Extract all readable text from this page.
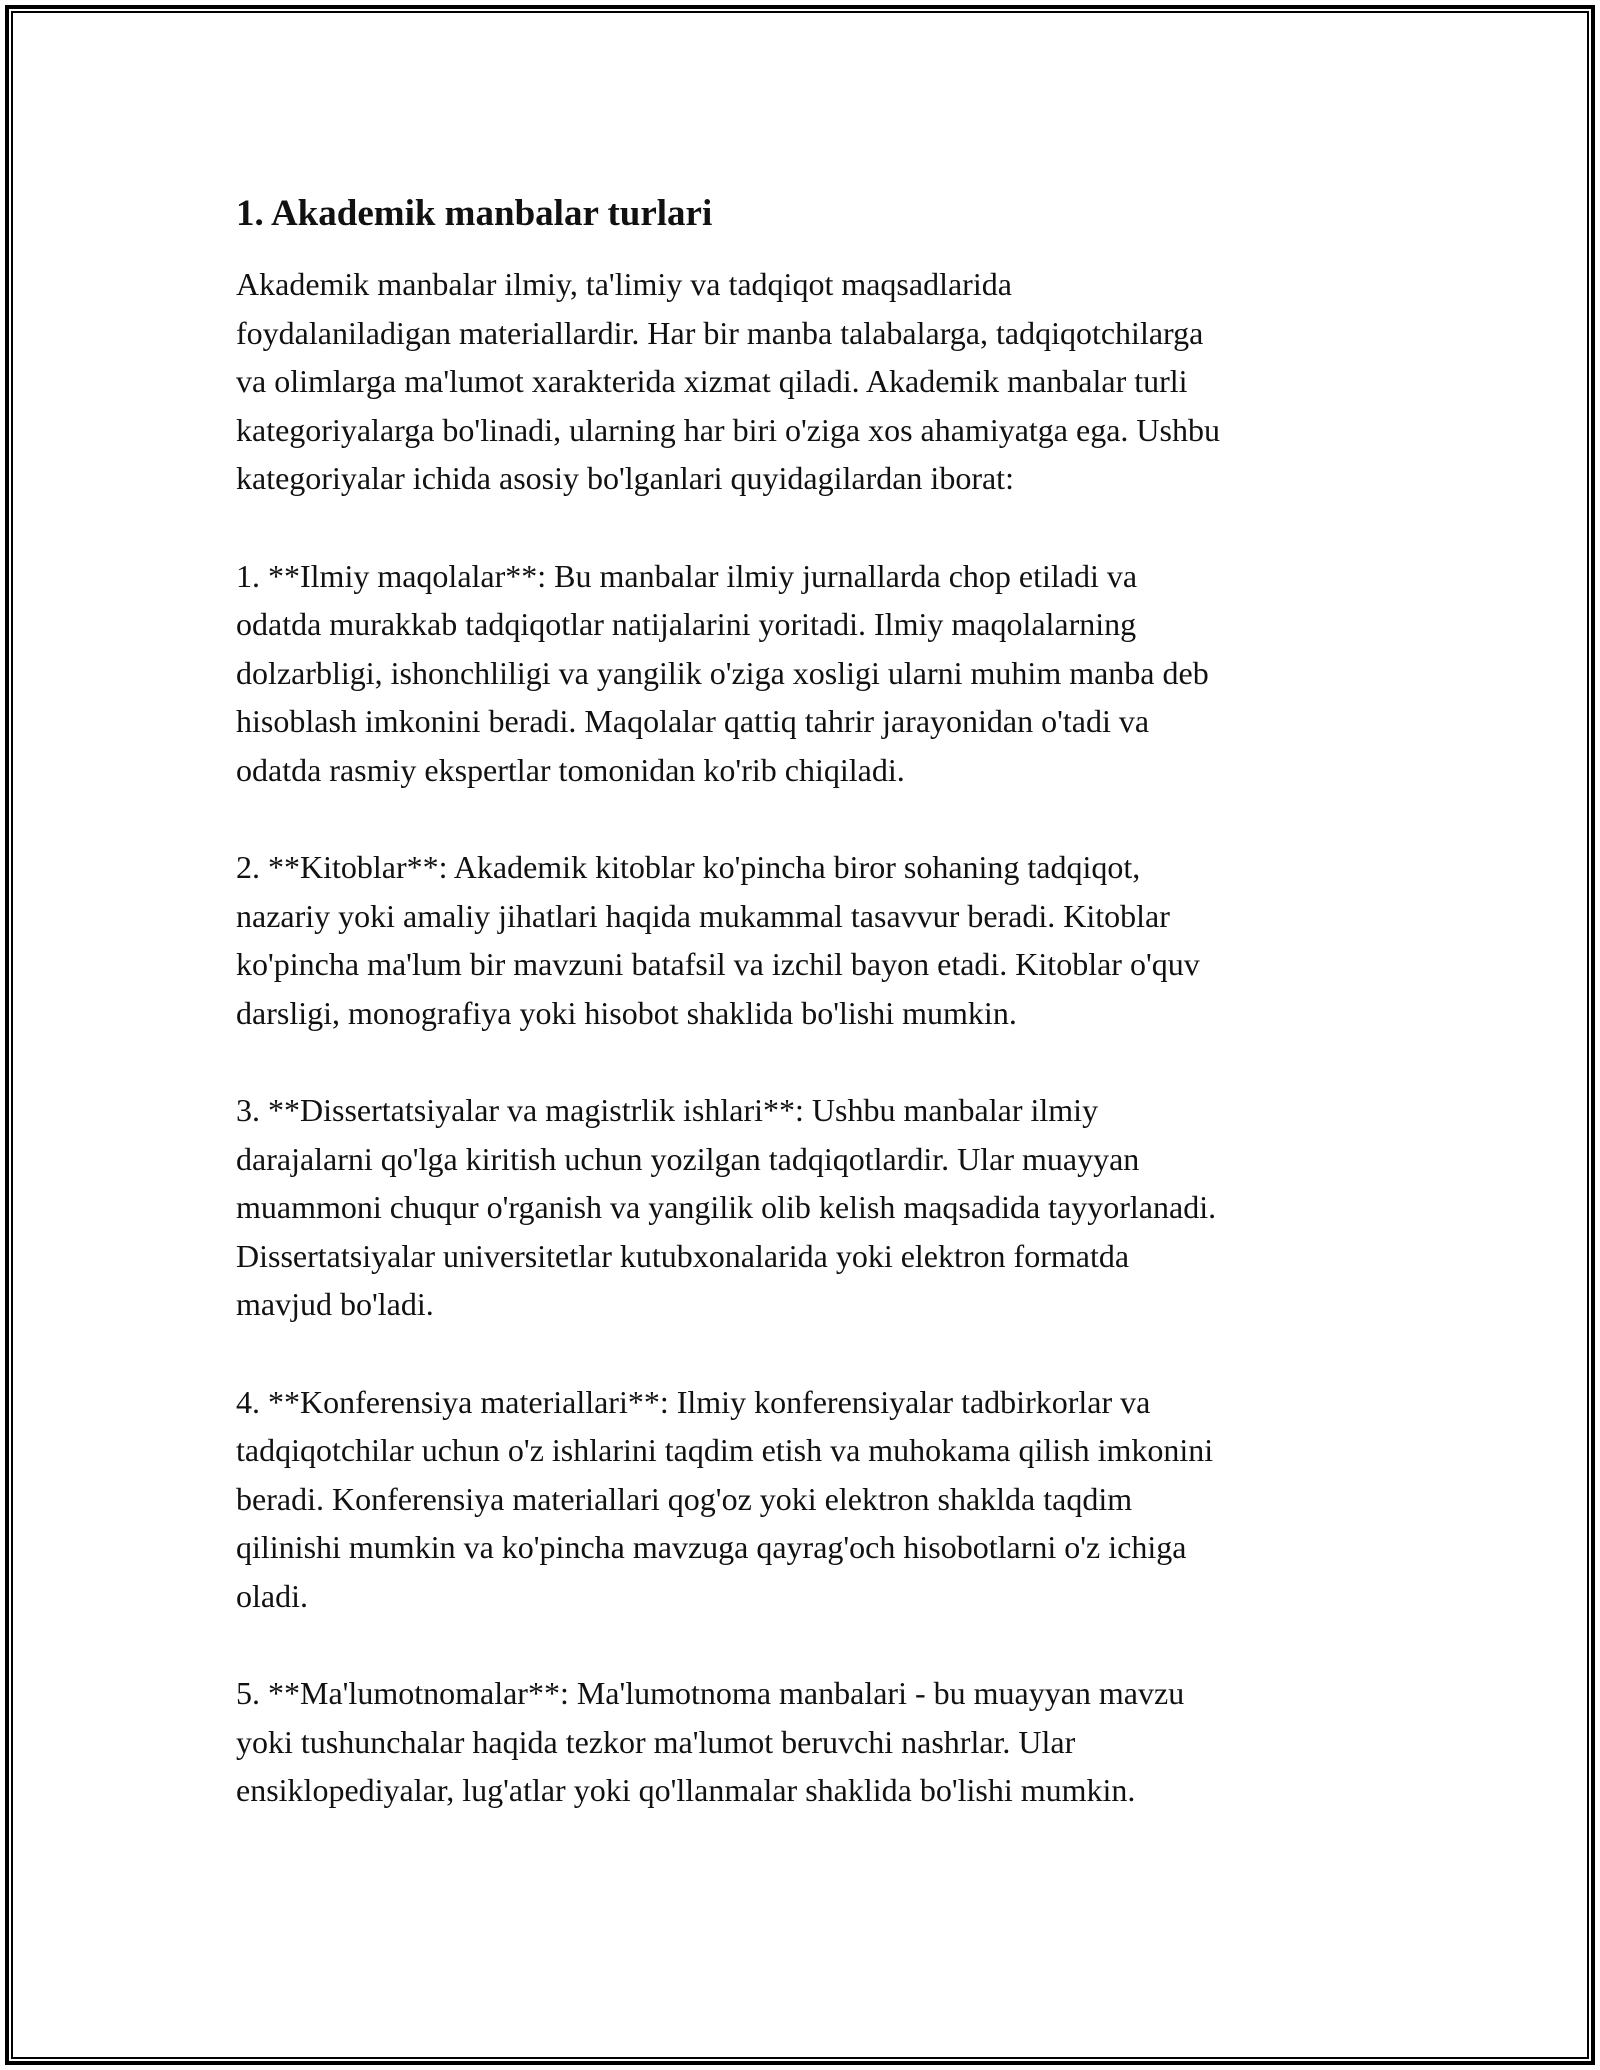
1. Akademik manbalar turlari

Akademik manbalar ilmiy, ta'limiy va tadqiqot maqsadlarida
foydalaniladigan materiallardir. Har bir manba talabalarga, tadqiqotchilarga
va olimlarga ma'lumot xarakterida xizmat qiladi. Akademik manbalar turli
kategoriyalarga bo'linadi, ularning har biri o'ziga xos ahamiyatga ega. Ushbu
kategoriyalar ichida asosiy bo'lganlari quyidagilardan iborat:

1. **Ilmiy maqolalar**: Bu manbalar ilmiy jurnallarda chop etiladi va
odatda murakkab tadqiqotlar natijalarini yoritadi. Ilmiy maqolalarning
dolzarbligi, ishonchliligi va yangilik o'ziga xosligi ularni muhim manba deb
hisoblash imkonini beradi. Maqolalar qattiq tahrir jarayonidan o'tadi va
odatda rasmiy ekspertlar tomonidan ko'rib chiqiladi.

2. **Kitoblar**: Akademik kitoblar ko'pincha biror sohaning tadqiqot,
nazariy yoki amaliy jihatlari haqida mukammal tasavvur beradi. Kitoblar
ko'pincha ma'lum bir mavzuni batafsil va izchil bayon etadi. Kitoblar o'quv
darsligi, monografiya yoki hisobot shaklida bo'lishi mumkin.

3. **Dissertatsiyalar va magistrlik ishlari**: Ushbu manbalar ilmiy
darajalarni qo'lga kiritish uchun yozilgan tadqiqotlardir. Ular muayyan
muammoni chuqur o'rganish va yangilik olib kelish maqsadida tayyorlanadi.
Dissertatsiyalar universitetlar kutubxonalarida yoki elektron formatda
mavjud bo'ladi.

4. **Konferensiya materiallari**: Ilmiy konferensiyalar tadbirkorlar va
tadqiqotchilar uchun o'z ishlarini taqdim etish va muhokama qilish imkonini
beradi. Konferensiya materiallari qog'oz yoki elektron shaklda taqdim
qilinishi mumkin va ko'pincha mavzuga qayrag'och hisobotlarni o'z ichiga
oladi.

5. **Ma'lumotnomalar**: Ma'lumotnoma manbalari - bu muayyan mavzu
yoki tushunchalar haqida tezkor ma'lumot beruvchi nashrlar. Ular
ensiklopediyalar, lug'atlar yoki qo'llanmalar shaklida bo'lishi mumkin.
